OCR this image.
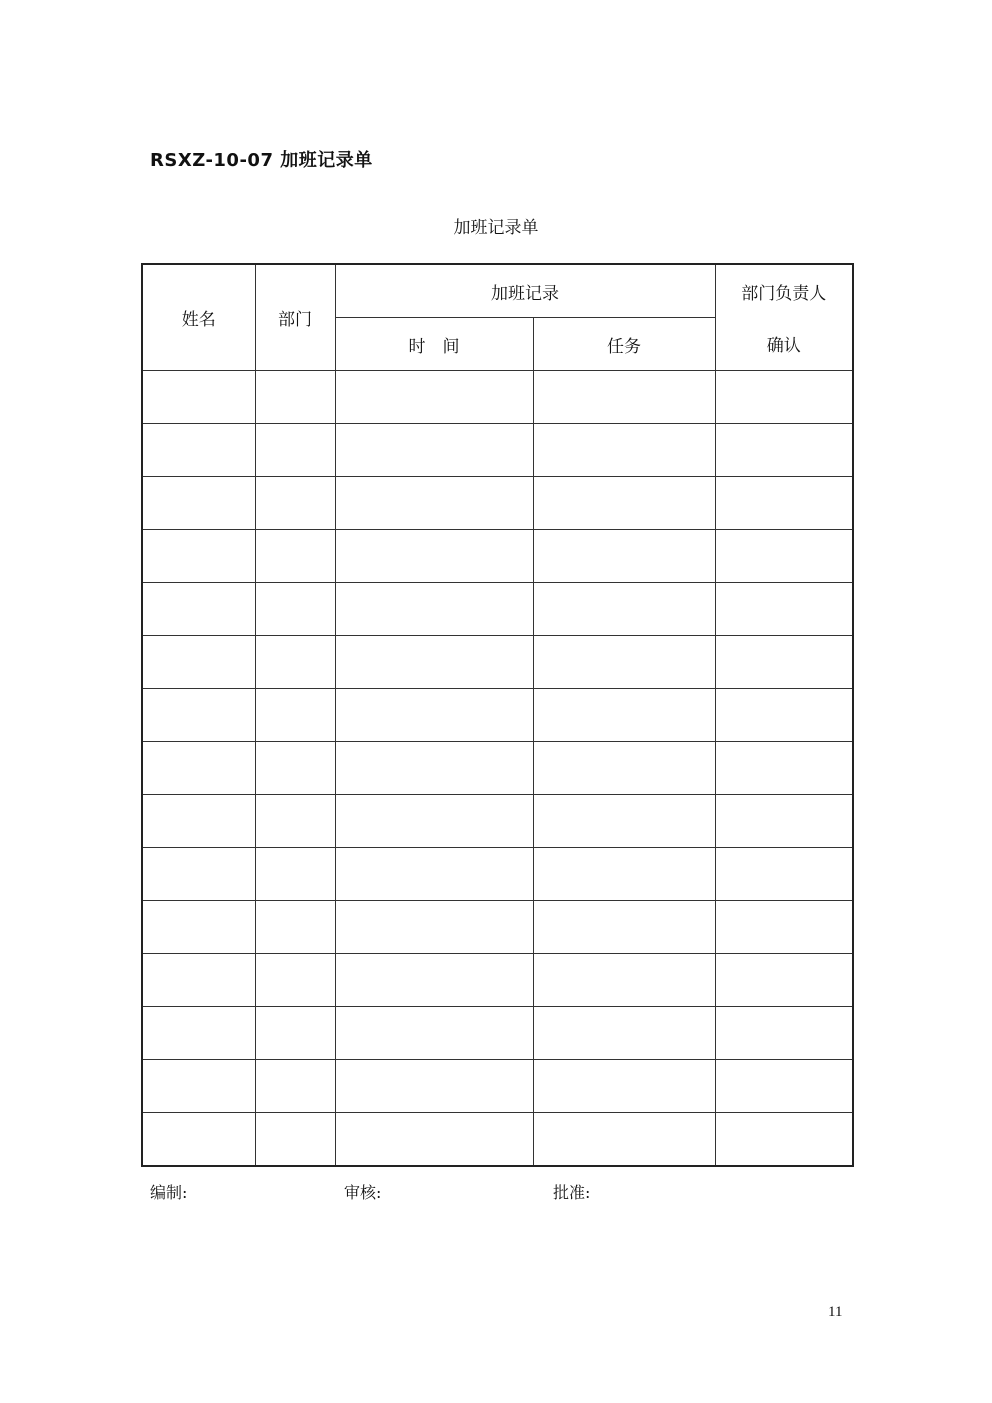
RSXZ-10-07 加班记录单
加班记录单
姓名	部门	加班记录		部门负责人
		时　间	任务	确认

编制:	审核:	批准:
11
